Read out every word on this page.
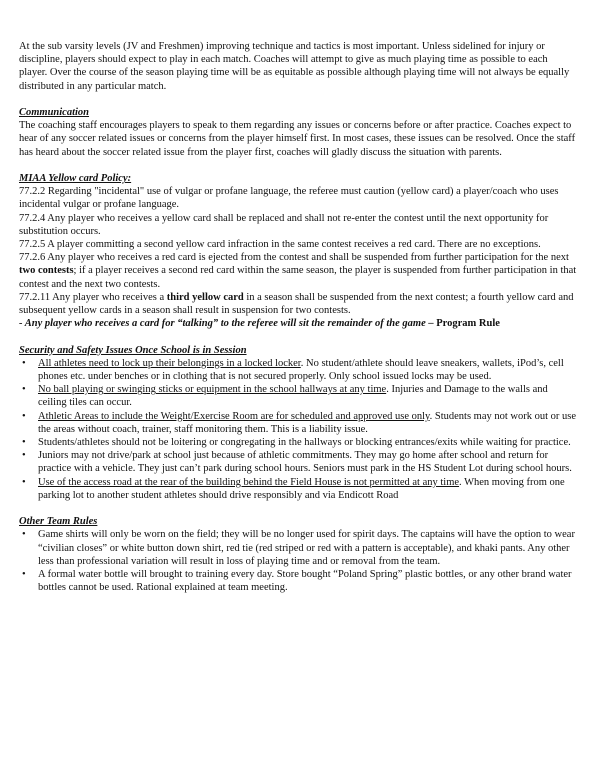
At the sub varsity levels (JV and Freshmen) improving technique and tactics is most important. Unless sidelined for injury or discipline, players should expect to play in each match. Coaches will attempt to give as much playing time as possible to each player. Over the course of the season playing time will be as equitable as possible although playing time will not always be equally distributed in any particular match.

Communication

The coaching staff encourages players to speak to them regarding any issues or concerns before or after practice. Coaches expect to hear of any soccer related issues or concerns from the player himself first. In most cases, these issues can be resolved. Once the staff has heard about the soccer related issue from the player first, coaches will gladly discuss the situation with parents.

MIAA Yellow card Policy:

77.2.2 Regarding "incidental" use of vulgar or profane language, the referee must caution (yellow card) a player/coach who uses incidental vulgar or profane language.

77.2.4 Any player who receives a yellow card shall be replaced and shall not re-enter the contest until the next opportunity for substitution occurs.

77.2.5 A player committing a second yellow card infraction in the same contest receives a red card. There are no exceptions.

77.2.6 Any player who receives a red card is ejected from the contest and shall be suspended from further participation for the next two contests; if a player receives a second red card within the same season, the player is suspended from further participation in that contest and the next two contests.

77.2.11 Any player who receives a third yellow card in a season shall be suspended from the next contest; a fourth yellow card and subsequent yellow cards in a season shall result in suspension for two contests.

- Any player who receives a card for “talking” to the referee will sit the remainder of the game – Program Rule

Security and Safety Issues Once School is in Session

•	All athletes need to lock up their belongings in a locked locker. No student/athlete should leave sneakers, wallets, iPod’s, cell phones etc. under benches or in clothing that is not secured properly. Only school issued locks may be used.
•	No ball playing or swinging sticks or equipment in the school hallways at any time. Injuries and Damage to the walls and ceiling tiles can occur.
•	Athletic Areas to include the Weight/Exercise Room are for scheduled and approved use only. Students may not work out or use the areas without coach, trainer, staff monitoring them. This is a liability issue.
•	Students/athletes should not be loitering or congregating in the hallways or blocking entrances/exits while waiting for practice.
•	Juniors may not drive/park at school just because of athletic commitments. They may go home after school and return for practice with a vehicle. They just can’t park during school hours. Seniors must park in the HS Student Lot during school hours.
•	Use of the access road at the rear of the building behind the Field House is not permitted at any time. When moving from one parking lot to another student athletes should drive responsibly and via Endicott Road

Other Team Rules

•	Game shirts will only be worn on the field; they will be no longer used for spirit days. The captains will have the option to wear “civilian closes” or white button down shirt, red tie (red striped or red with a pattern is acceptable), and khaki pants. Any other less than professional variation will result in loss of playing time and or removal from the team.
•	A formal water bottle will brought to training every day. Store bought “Poland Spring” plastic bottles, or any other brand water bottles cannot be used. Rational explained at team meeting.
